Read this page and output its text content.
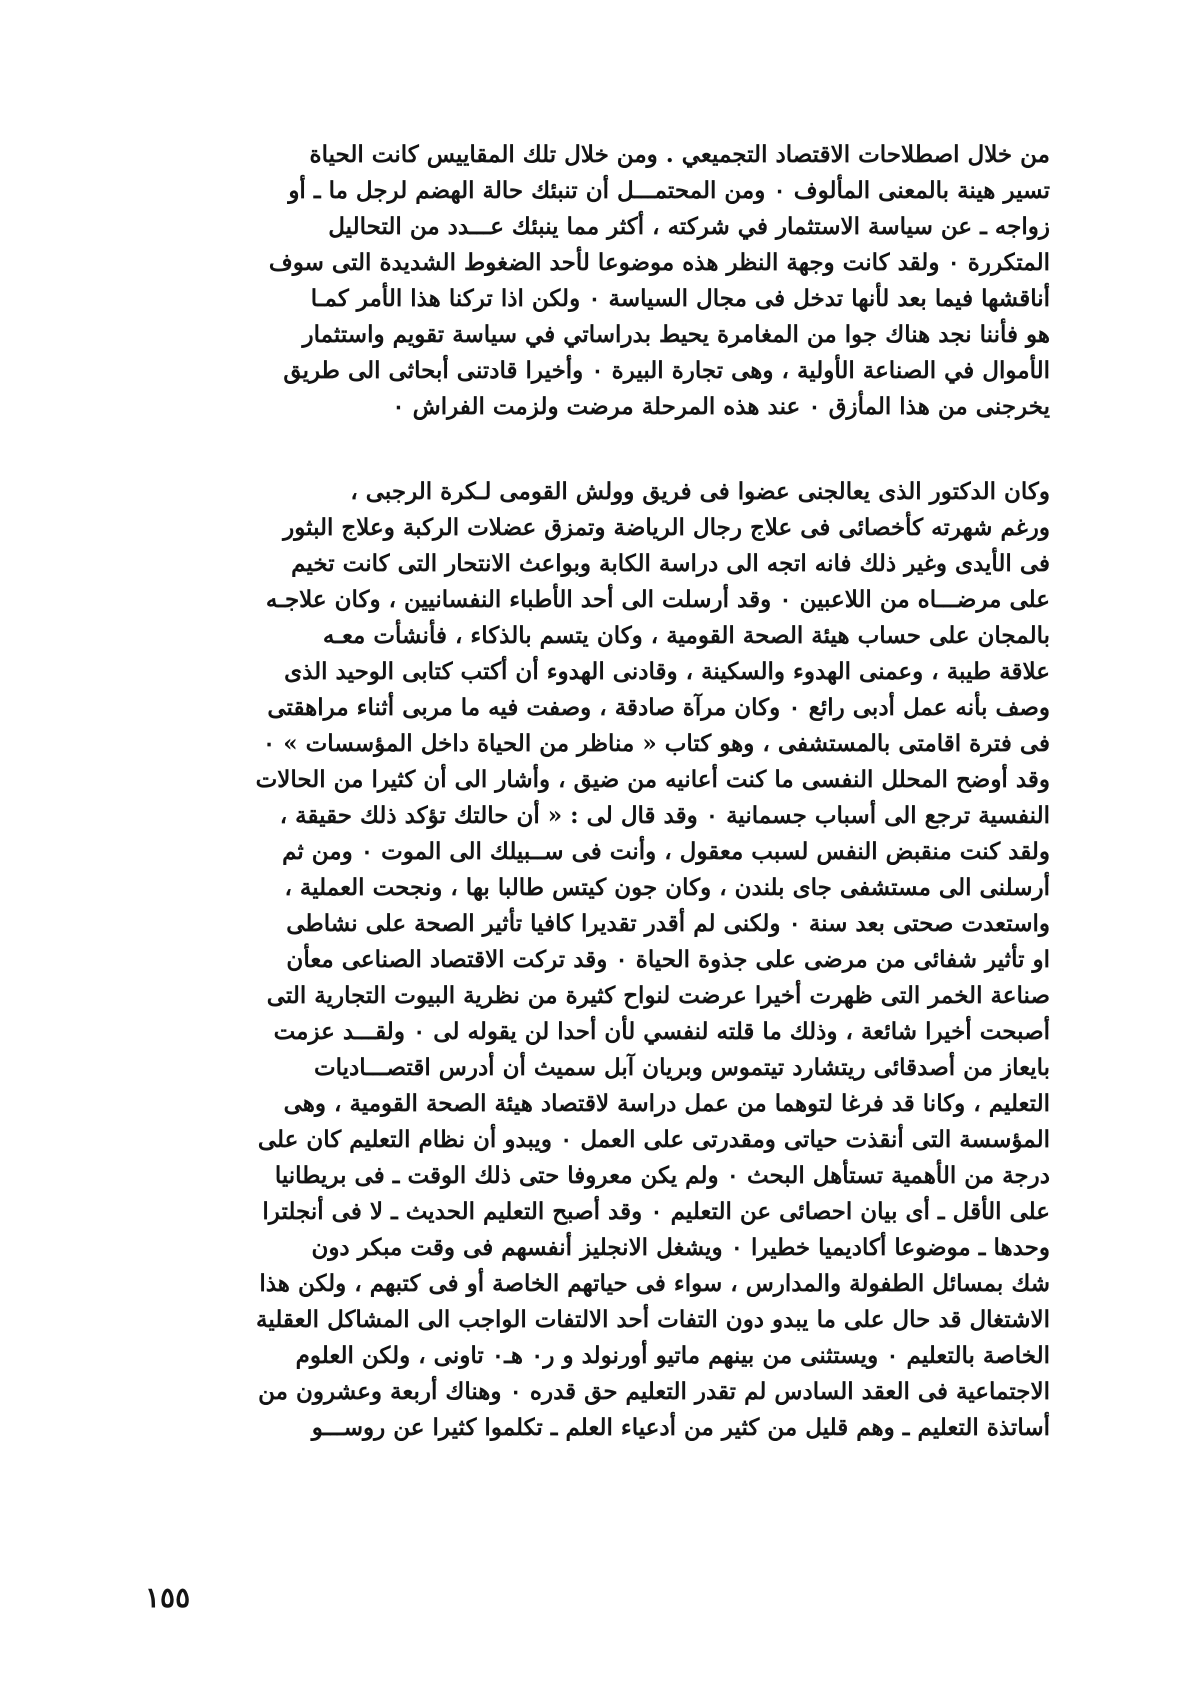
من خلال اصطلاحات الاقتصاد التجميعي . ومن خلال تلك المقاييس كانت الحياة
تسير هينة بالمعنى المألوف ٠ ومن المحتمـــل أن تنبئك حالة الهضم لرجل ما ـ أو
زواجه ـ عن سياسة الاستثمار في شركته ، أكثر مما ينبئك عـــدد من التحاليل
المتكررة ٠ ولقد كانت وجهة النظر هذه موضوعا لأحد الضغوط الشديدة التى سوف
أناقشها فيما بعد لأنها تدخل فى مجال السياسة ٠ ولكن اذا تركنا هذا الأمر كمـا
هو فأننا نجد هناك جوا من المغامرة يحيط بدراساتي في سياسة تقويم واستثمار
الأموال في الصناعة الأولية ، وهى تجارة البيرة ٠ وأخيرا قادتنى أبحاثى الى طريق
يخرجنى من هذا المأزق ٠ عند هذه المرحلة مرضت ولزمت الفراش ٠
وكان الدكتور الذى يعالجنى عضوا فى فريق وولش القومى لـكرة الرجبى ،
ورغم شهرته كأخصائى فى علاج رجال الرياضة وتمزق عضلات الركبة وعلاج البثور
فى الأيدى وغير ذلك فانه اتجه الى دراسة الكابة وبواعث الانتحار التى كانت تخيم
على مرضـــاه من اللاعبين ٠ وقد أرسلت الى أحد الأطباء النفسانيين ، وكان علاجـه
بالمجان على حساب هيئة الصحة القومية ، وكان يتسم بالذكاء ، فأنشأت معـه
علاقة طيبة ، وعمنى الهدوء والسكينة ، وقادنى الهدوء أن أكتب كتابى الوحيد الذى
وصف بأنه عمل أدبى رائع ٠ وكان مرآة صادقة ، وصفت فيه ما مربى أثناء مراهقتى
فى فترة اقامتى بالمستشفى ، وهو كتاب « مناظر من الحياة داخل المؤسسات » ٠
وقد أوضح المحلل النفسى ما كنت أعانيه من ضيق ، وأشار الى أن كثيرا من الحالات
النفسية ترجع الى أسباب جسمانية ٠ وقد قال لى : « أن حالتك تؤكد ذلك حقيقة ،
ولقد كنت منقبض النفس لسبب معقول ، وأنت فى ســبيلك الى الموت ٠ ومن ثم
أرسلنى الى مستشفى جاى بلندن ، وكان جون كيتس طالبا بها ، ونجحت العملية ،
واستعدت صحتى بعد سنة ٠ ولكنى لم أقدر تقديرا كافيا تأثير الصحة على نشاطى
او تأثير شفائى من مرضى على جذوة الحياة ٠ وقد تركت الاقتصاد الصناعى معأن
صناعة الخمر التى ظهرت أخيرا عرضت لنواح كثيرة من نظرية البيوت التجارية التى
أصبحت أخيرا شائعة ، وذلك ما قلته لنفسي لأن أحدا لن يقوله لى ٠ ولقـــد عزمت
بايعاز من أصدقائى ريتشارد تيتموس وبريان آبل سميث أن أدرس اقتصـــاديات
التعليم ، وكانا قد فرغا لتوهما من عمل دراسة لاقتصاد هيئة الصحة القومية ، وهى
المؤسسة التى أنقذت حياتى ومقدرتى على العمل ٠ ويبدو أن نظام التعليم كان على
درجة من الأهمية تستأهل البحث ٠ ولم يكن معروفا حتى ذلك الوقت ـ فى بريطانيا
على الأقل ـ أى بيان احصائى عن التعليم ٠ وقد أصبح التعليم الحديث ـ لا فى أنجلترا
وحدها ـ موضوعا أكاديميا خطيرا ٠ ويشغل الانجليز أنفسهم فى وقت مبكر دون
شك بمسائل الطفولة والمدارس ، سواء فى حياتهم الخاصة أو فى كتبهم ، ولكن هذا
الاشتغال قد حال على ما يبدو دون التفات أحد الالتفات الواجب الى المشاكل العقلية
الخاصة بالتعليم ٠ ويستثنى من بينهم ماتيو أورنولد و ر٠ هـ٠ تاونى ، ولكن العلوم
الاجتماعية فى العقد السادس لم تقدر التعليم حق قدره ٠ وهناك أربعة وعشرون من
أساتذة التعليم ـ وهم قليل من كثير من أدعياء العلم ـ تكلموا كثيرا عن روســـو
١٥٥
